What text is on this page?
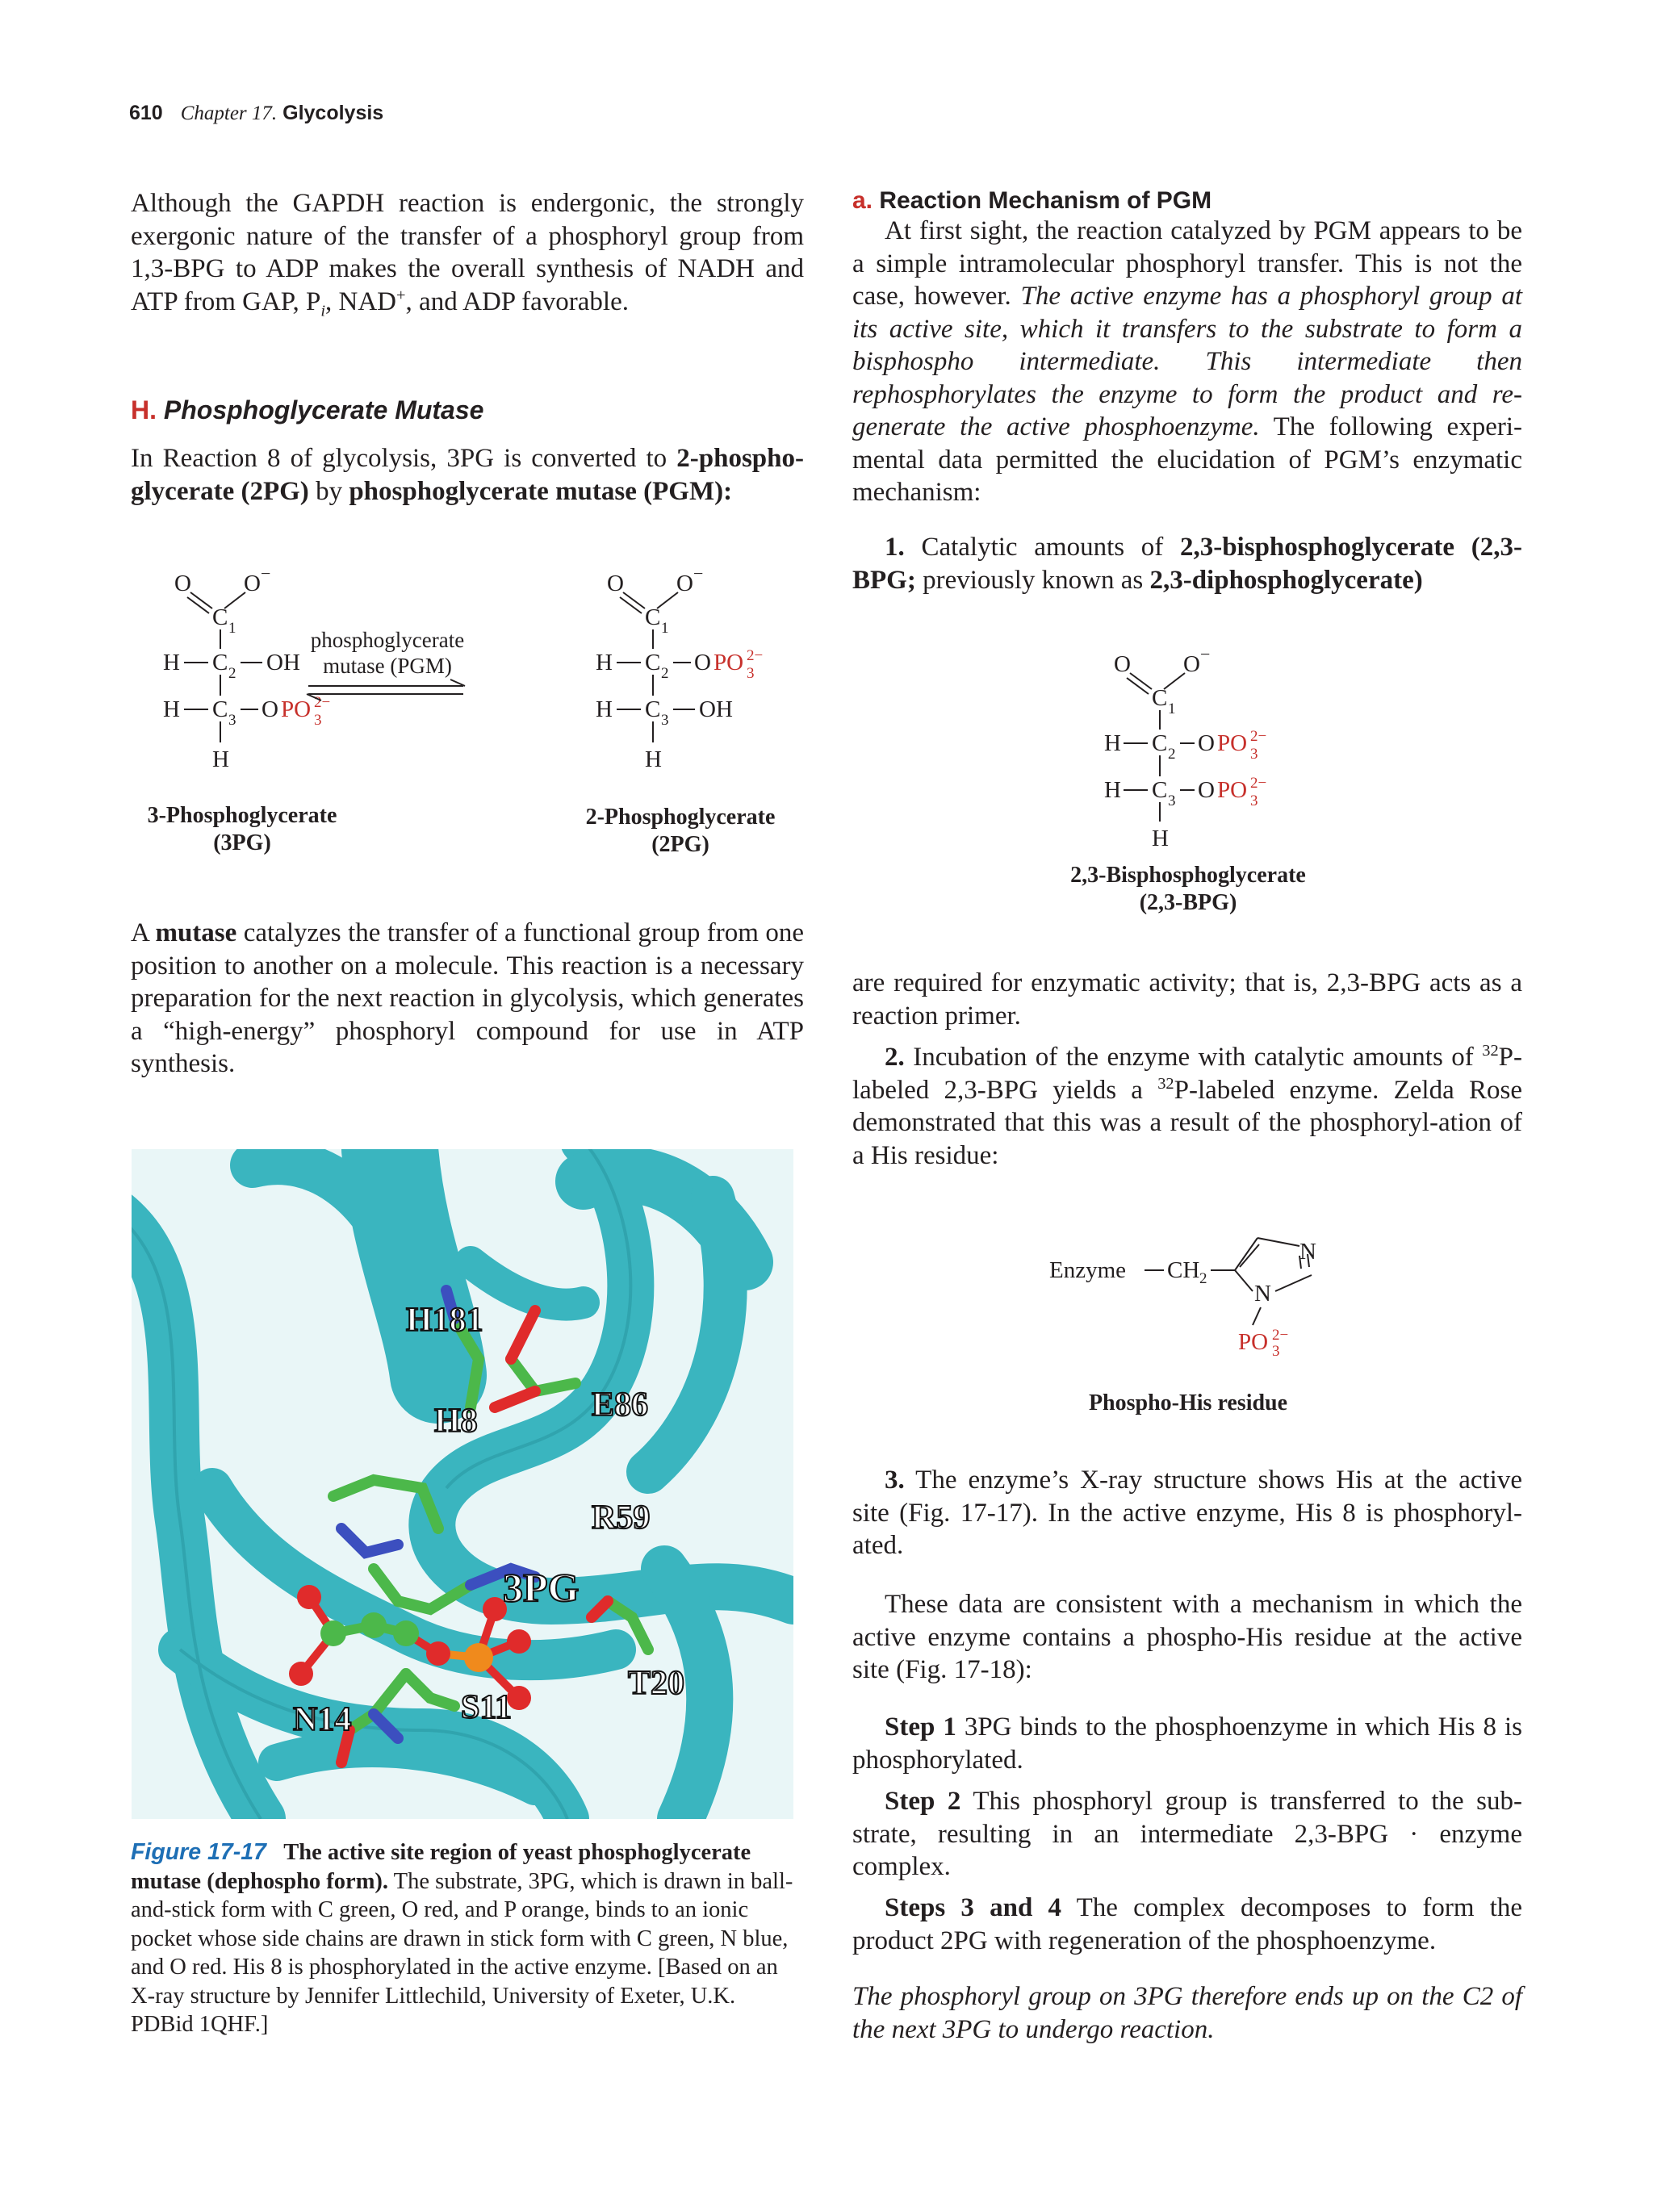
610 Chapter 17. Glycolysis

Although the GAPDH reaction is endergonic, the strongly exergonic nature of the transfer of a phosphoryl group from 1,3-BPG to ADP makes the overall synthesis of NADH and ATP from GAP, $P_i$, NAD+, and ADP favorable.

H. Phosphoglycerate Mutase

In Reaction 8 of glycolysis, 3PG is converted to 2-phospho-glycerate (2PG) by phosphoglycerate mutase (PGM):

O O −
C 1
H C 2 OH
H C 3 O PO 2−
3
H
phosphoglycerate
mutase (PGM)
O O −
C 1
H C 2 O PO 2−
3
H C 3 OH
H
3-Phosphoglycerate
(3PG)
2-Phosphoglycerate
(2PG)

A mutase catalyzes the transfer of a functional group from one position to another on a molecule. This reaction is a necessary preparation for the next reaction in glycolysis, which generates a “high-energy” phosphoryl compound for use in ATP synthesis.

H181
H8	E86
R59
3PG
T20
N14	S11
Figure 17-17 The active site region of yeast phosphoglycerate mutase (dephospho form). The substrate, 3PG, which is drawn in ball-and-stick form with C green, O red, and P orange, binds to an ionic pocket whose side chains are drawn in stick form with C green, N blue, and O red. His 8 is phosphorylated in the active enzyme. [Based on an X-ray structure by Jennifer Littlechild, University of Exeter, U.K. PDBid 1QHF.]
a. Reaction Mechanism of PGM

At first sight, the reaction catalyzed by PGM appears to be a simple intramolecular phosphoryl transfer. This is not the case, however. The active enzyme has a phosphoryl group at its active site, which it transfers to the substrate to form a bisphospho intermediate. This intermediate then rephosphorylates the enzyme to form the product and re-generate the active phosphoenzyme. The following experi-mental data permitted the elucidation of PGM’s enzymatic mechanism:

1. Catalytic amounts of 2,3-bisphosphoglycerate (2,3-BPG; previously known as 2,3-diphosphoglycerate)

O O −
C 1
H C 2 O PO 2−
3
H C 3 O PO 2−
3
H
2,3-Bisphosphoglycerate
(2,3-BPG)

are required for enzymatic activity; that is, 2,3-BPG acts as a reaction primer.

2. Incubation of the enzyme with catalytic amounts of $^{32}$P-labeled 2,3-BPG yields a $^{32}$P-labeled enzyme. Zelda Rose demonstrated that this was a result of the phosphoryl-ation of a His residue:

Enzyme CH 2
N
N
PO 2−
3
Phospho-His residue

3. The enzyme’s X-ray structure shows His at the active site (Fig. 17-17). In the active enzyme, His 8 is phosphoryl-ated.

These data are consistent with a mechanism in which the active enzyme contains a phospho-His residue at the active site (Fig. 17-18):

Step 1 3PG binds to the phosphoenzyme in which His 8 is phosphorylated.

Step 2 This phosphoryl group is transferred to the sub-strate, resulting in an intermediate 2,3-BPG · enzyme complex.

Steps 3 and 4 The complex decomposes to form the product 2PG with regeneration of the phosphoenzyme.

The phosphoryl group on 3PG therefore ends up on the C2 of the next 3PG to undergo reaction.
